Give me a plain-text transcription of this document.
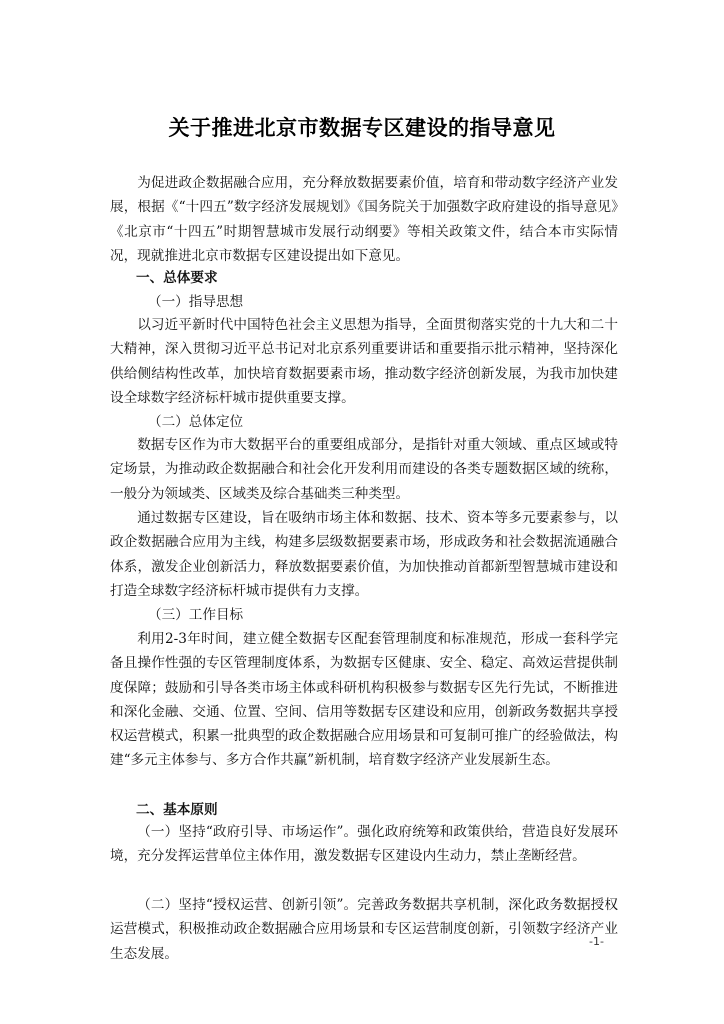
关于推进北京市数据专区建设的指导意见

为促进政企数据融合应用，充分释放数据要素价值，培育和带动数字经济产业发展，根据《“十四五”数字经济发展规划》《国务院关于加强数字政府建设的指导意见》《北京市“十四五”时期智慧城市发展行动纲要》等相关政策文件，结合本市实际情况，现就推进北京市数据专区建设提出如下意见。

一、总体要求

（一）指导思想

以习近平新时代中国特色社会主义思想为指导，全面贯彻落实党的十九大和二十大精神，深入贯彻习近平总书记对北京系列重要讲话和重要指示批示精神，坚持深化供给侧结构性改革，加快培育数据要素市场，推动数字经济创新发展，为我市加快建设全球数字经济标杆城市提供重要支撑。

（二）总体定位

数据专区作为市大数据平台的重要组成部分，是指针对重大领域、重点区域或特定场景，为推动政企数据融合和社会化开发利用而建设的各类专题数据区域的统称，一般分为领域类、区域类及综合基础类三种类型。

通过数据专区建设，旨在吸纳市场主体和数据、技术、资本等多元要素参与，以政企数据融合应用为主线，构建多层级数据要素市场，形成政务和社会数据流通融合体系，激发企业创新活力，释放数据要素价值，为加快推动首都新型智慧城市建设和打造全球数字经济标杆城市提供有力支撑。

（三）工作目标

利用2-3年时间，建立健全数据专区配套管理制度和标准规范，形成一套科学完备且操作性强的专区管理制度体系，为数据专区健康、安全、稳定、高效运营提供制度保障；鼓励和引导各类市场主体或科研机构积极参与数据专区先行先试，不断推进和深化金融、交通、位置、空间、信用等数据专区建设和应用，创新政务数据共享授权运营模式，积累一批典型的政企数据融合应用场景和可复制可推广的经验做法，构建“多元主体参与、多方合作共赢”新机制，培育数字经济产业发展新生态。

二、基本原则

（一）坚持“政府引导、市场运作”。强化政府统筹和政策供给，营造良好发展环境，充分发挥运营单位主体作用，激发数据专区建设内生动力，禁止垄断经营。

（二）坚持“授权运营、创新引领”。完善政务数据共享机制，深化政务数据授权运营模式，积极推动政企数据融合应用场景和专区运营制度创新，引领数字经济产业生态发展。

-1-
